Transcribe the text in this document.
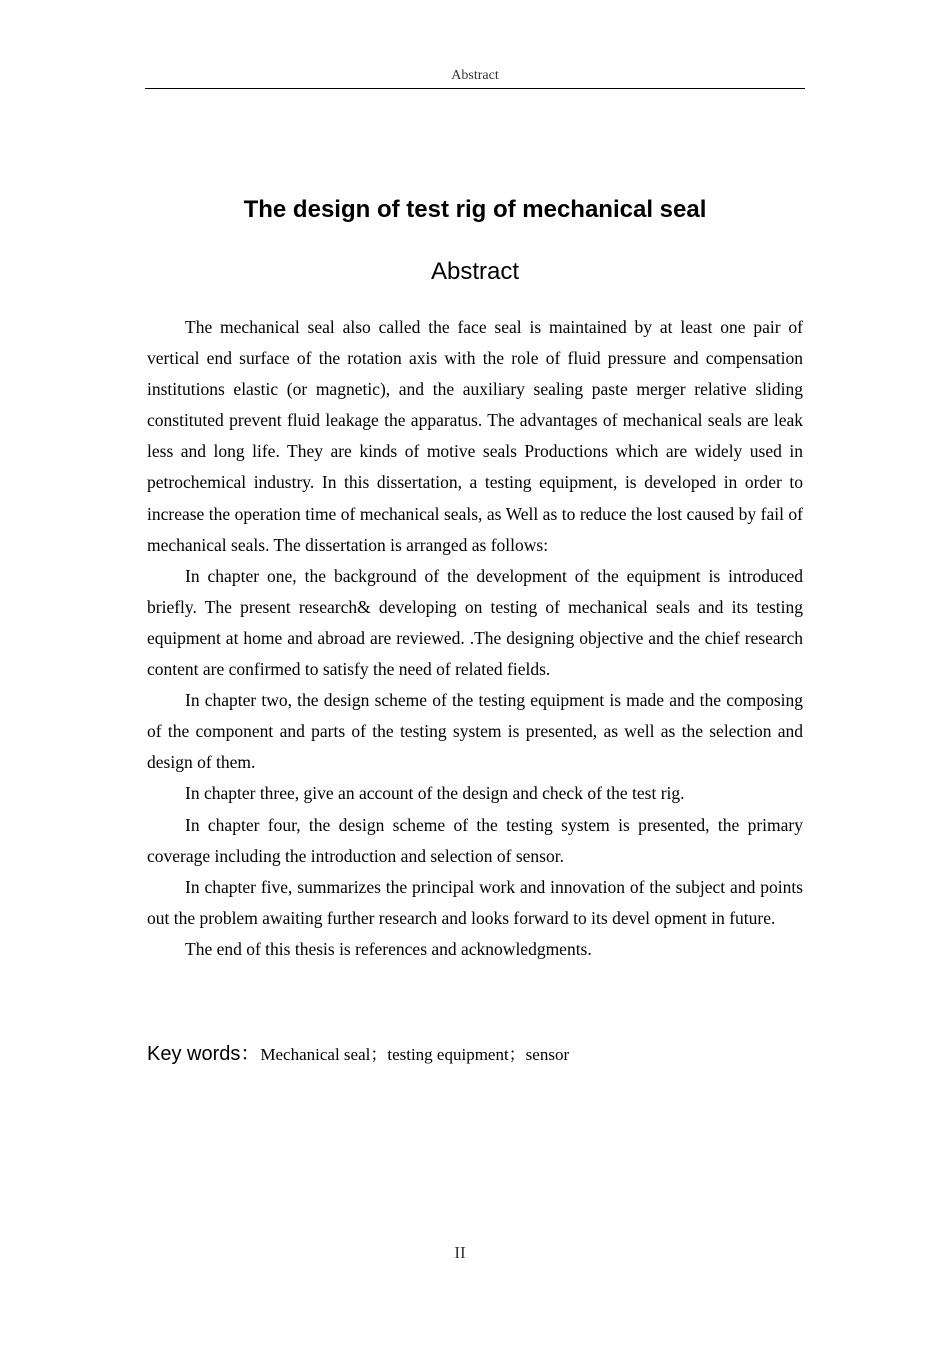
Abstract
The design of test rig of mechanical seal
Abstract

The mechanical seal also called the face seal is maintained by at least one pair of vertical end surface of the rotation axis with the role of fluid pressure and compensation institutions elastic (or magnetic), and the auxiliary sealing paste merger relative sliding constituted prevent fluid leakage the apparatus. The advantages of mechanical seals are leak less and long life. They are kinds of motive seals Productions which are widely used in petrochemical industry. In this dissertation, a testing equipment, is developed in order to increase the operation time of mechanical seals, as Well as to reduce the lost caused by fail of mechanical seals. The dissertation is arranged as follows:

In chapter one, the background of the development of the equipment is introduced briefly. The present research& developing on testing of mechanical seals and its testing equipment at home and abroad are reviewed. .The designing objective and the chief research content are confirmed to satisfy the need of related fields.

In chapter two, the design scheme of the testing equipment is made and the composing of the component and parts of the testing system is presented, as well as the selection and design of them.

In chapter three, give an account of the design and check of the test rig.

In chapter four, the design scheme of the testing system is presented, the primary coverage including the introduction and selection of sensor.

In chapter five, summarizes the principal work and innovation of the subject and points out the problem awaiting further research and looks forward to its devel opment in future.

The end of this thesis is references and acknowledgments.

Key words：Mechanical seal；testing equipment；sensor
II
